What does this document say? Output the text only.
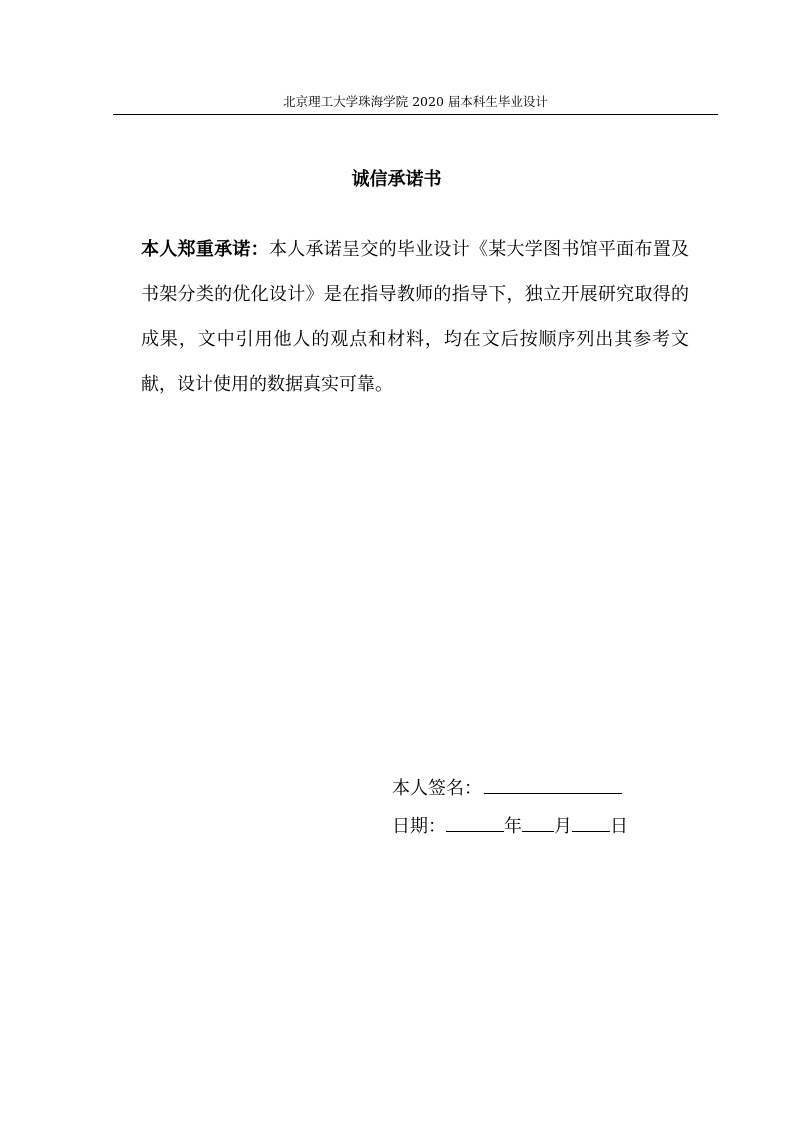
北京理工大学珠海学院 2020 届本科生毕业设计
诚信承诺书
本人郑重承诺：本人承诺呈交的毕业设计《某大学图书馆平面布置及书架分类的优化设计》是在指导教师的指导下，独立开展研究取得的成果，文中引用他人的观点和材料，均在文后按顺序列出其参考文献，设计使用的数据真实可靠。
本人签名：
日期：	年 月 日
